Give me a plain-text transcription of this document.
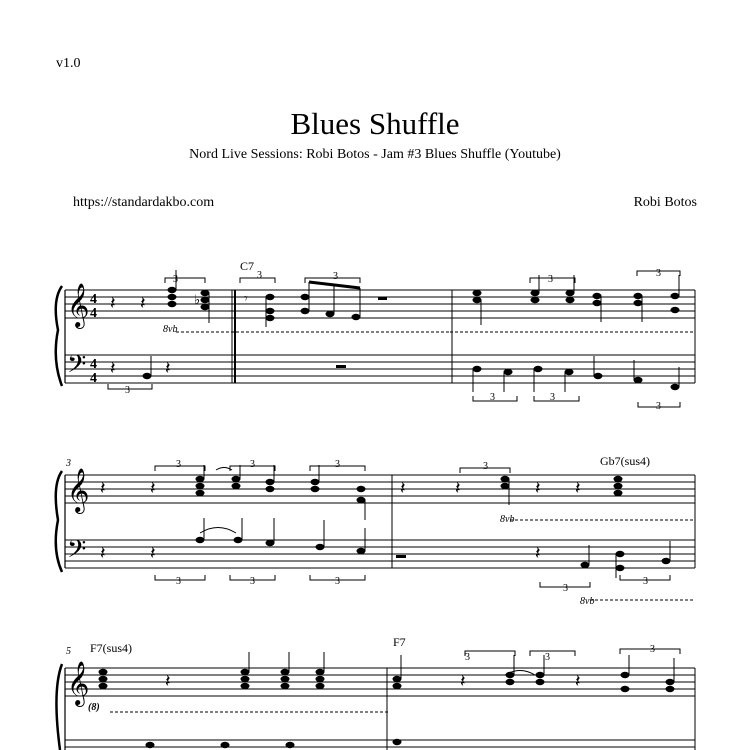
v1.0
Blues Shuffle
Nord Live Sessions: Robi Botos - Jam #3 Blues Shuffle (Youtube)
https://standardakbo.com	Robi Botos
𝄞
𝄢
4
4
4
4
C7
8vb
𝄽 𝄽	♭
𝄽
𝄽
𝄾
3	3	3	3
3
3
3	3
3
𝄞
𝄢
3	Gb7(sus4)
8vb
8vb
𝄽 𝄽	𝄽	𝄽	𝄽 𝄽
𝄽 𝄽	𝄽
3	3	3	3
3	3	3
3
3
𝄞
5 F7(sus4)	F7
(8)
3	3
3
𝄽	𝄽	𝄽
